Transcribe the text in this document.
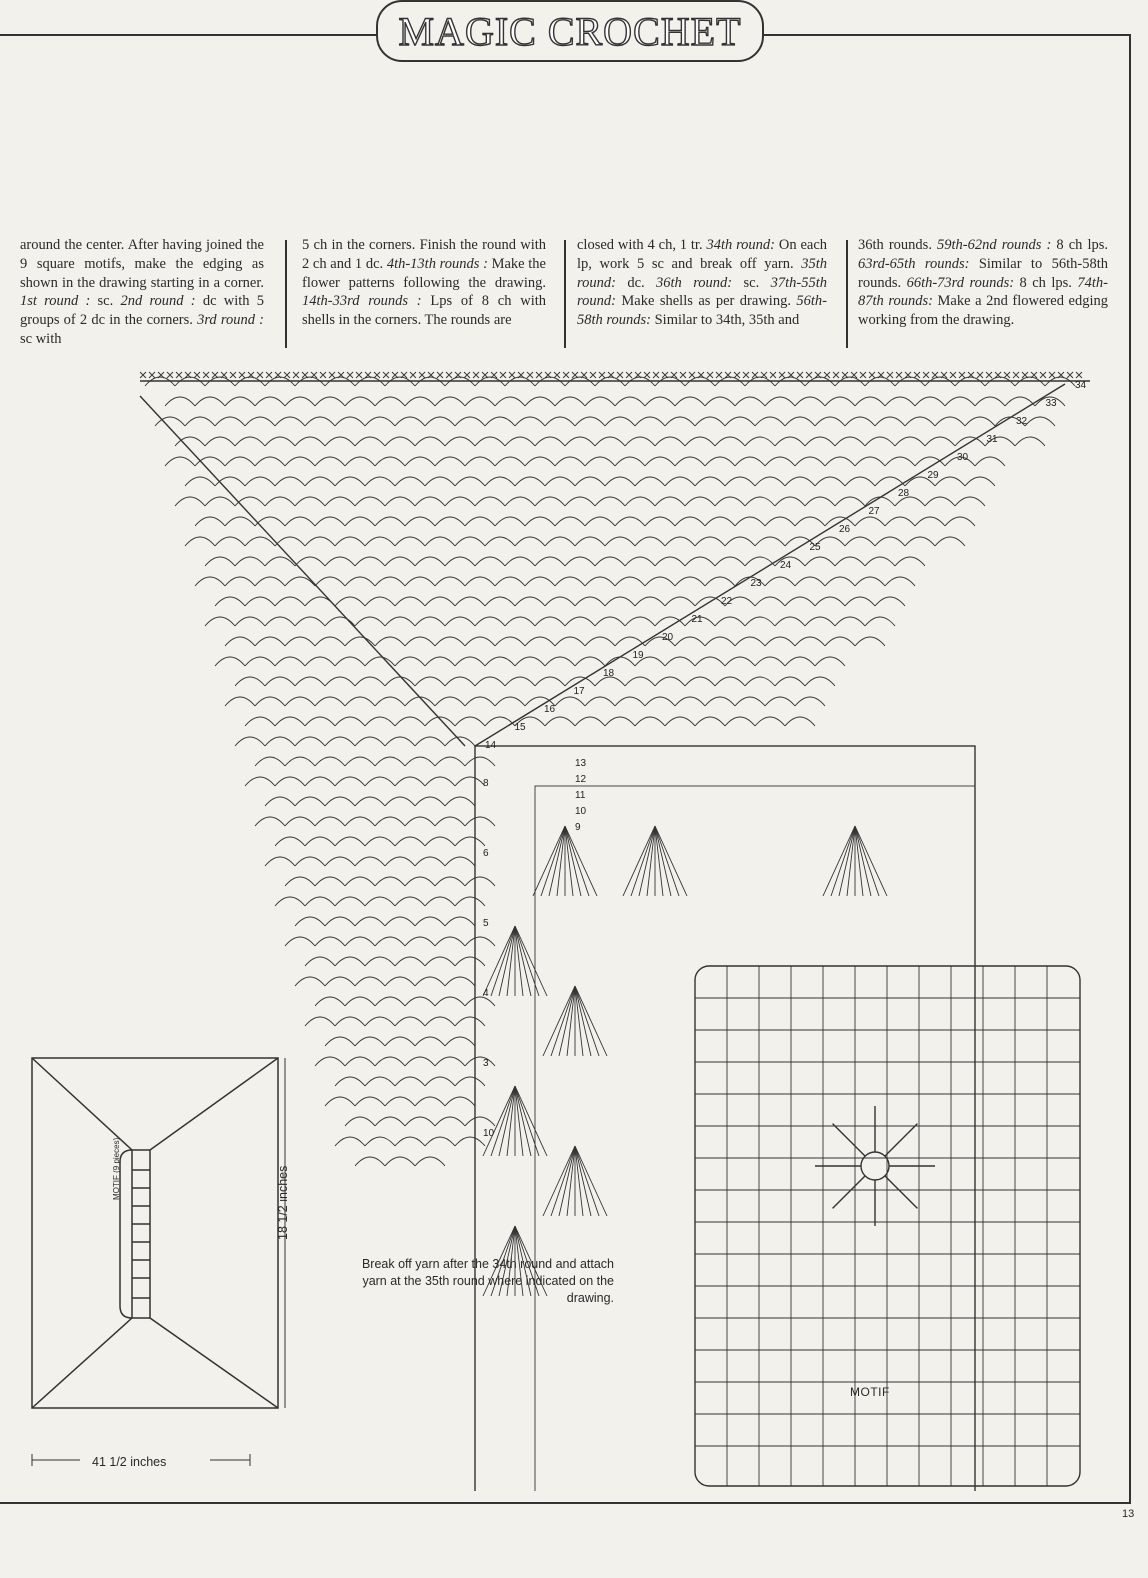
MAGIC CROCHET

around the center. After having joined the 9 square motifs, make the edging as shown in the drawing starting in a corner. 1st round : sc. 2nd round : dc with 5 groups of 2 dc in the corners. 3rd round : sc with

5 ch in the corners. Finish the round with 2 ch and 1 dc. 4th-13th rounds : Make the flower patterns following the drawing. 14th-33rd rounds : Lps of 8 ch with shells in the corners. The rounds are

closed with 4 ch, 1 tr. 34th round: On each lp, work 5 sc and break off yarn. 35th round: dc. 36th round: sc. 37th-55th round: Make shells as per drawing. 56th-58th rounds: Similar to 34th, 35th and

36th rounds. 59th-62nd rounds : 8 ch lps. 63rd-65th rounds: Similar to 56th-58th rounds. 66th-73rd rounds: 8 ch lps. 74th-87th rounds: Make a 2nd flowered edging working from the drawing.

34
33
32
31
30
29
28
27
26
25
24
23
22
21
20
19
18
17
16
15
14
13
12
11
10
9
8
6
5
4
3
10
Break off yarn after the 34th round and attach yarn at the 35th round where indicated on the drawing.
MOTIF
MOTIF (9 pieces)	18 1/2 inches
41 1/2 inches
13
